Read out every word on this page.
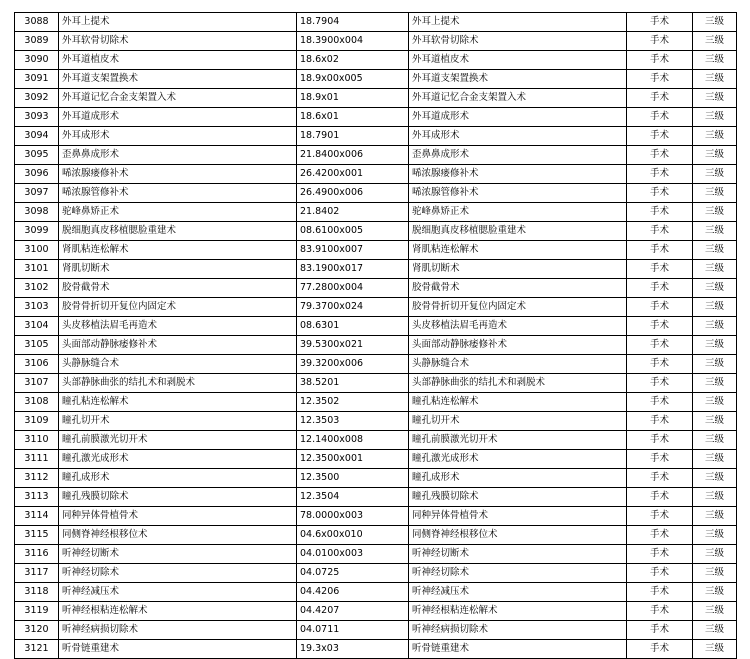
3088	外耳上提术	18.7904	外耳上提术	手术	三级
3089	外耳软骨切除术	18.3900x004	外耳软骨切除术	手术	三级
3090	外耳道植皮术	18.6x02	外耳道植皮术	手术	三级
3091	外耳道支架置换术	18.9x00x005	外耳道支架置换术	手术	三级
3092	外耳道记忆合金支架置入术	18.9x01	外耳道记忆合金支架置入术	手术	三级
3093	外耳道成形术	18.6x01	外耳道成形术	手术	三级
3094	外耳成形术	18.7901	外耳成形术	手术	三级
3095	歪鼻鼻成形术	21.8400x006	歪鼻鼻成形术	手术	三级
3096	唏浓腺瘘修补术	26.4200x001	唏浓腺瘘修补术	手术	三级
3097	唏浓腺管修补术	26.4900x006	唏浓腺管修补术	手术	三级
3098	驼峰鼻矫正术	21.8402	驼峰鼻矫正术	手术	三级
3099	脱细胞真皮移植腮脸重建术	08.6100x005	脱细胞真皮移植腮脸重建术	手术	三级
3100	肾肌粘连松解术	83.9100x007	肾肌粘连松解术	手术	三级
3101	肾肌切断术	83.1900x017	肾肌切断术	手术	三级
3102	胶骨截骨术	77.2800x004	胶骨截骨术	手术	三级
3103	胶骨骨折切开复位内固定术	79.3700x024	胶骨骨折切开复位内固定术	手术	三级
3104	头皮移植法眉毛再造术	08.6301	头皮移植法眉毛再造术	手术	三级
3105	头面部动静脉痿修补术	39.5300x021	头面部动静脉痿修补术	手术	三级
3106	头静脉缝合术	39.3200x006	头静脉缝合术	手术	三级
3107	头部静脉曲张的结扎术和剥脱术	38.5201	头部静脉曲张的结扎术和剥脱术	手术	三级
3108	瞳孔粘连松解术	12.3502	瞳孔粘连松解术	手术	三级
3109	瞳孔切开术	12.3503	瞳孔切开术	手术	三级
3110	瞳孔前膜激光切开术	12.1400x008	瞳孔前膜激光切开术	手术	三级
3111	瞳孔激光成形术	12.3500x001	瞳孔激光成形术	手术	三级
3112	瞳孔成形术	12.3500	瞳孔成形术	手术	三级
3113	瞳孔残膜切除术	12.3504	瞳孔残膜切除术	手术	三级
3114	同种异体骨植骨术	78.0000x003	同种异体骨植骨术	手术	三级
3115	同侧脊神经根移位术	04.6x00x010	同侧脊神经根移位术	手术	三级
3116	听神经切断术	04.0100x003	听神经切断术	手术	三级
3117	听神经切除术	04.0725	听神经切除术	手术	三级
3118	听神经减压术	04.4206	听神经减压术	手术	三级
3119	听神经根粘连松解术	04.4207	听神经根粘连松解术	手术	三级
3120	听神经病损切除术	04.0711	听神经病损切除术	手术	三级
3121	听骨链重建术	19.3x03	听骨链重建术	手术	三级
